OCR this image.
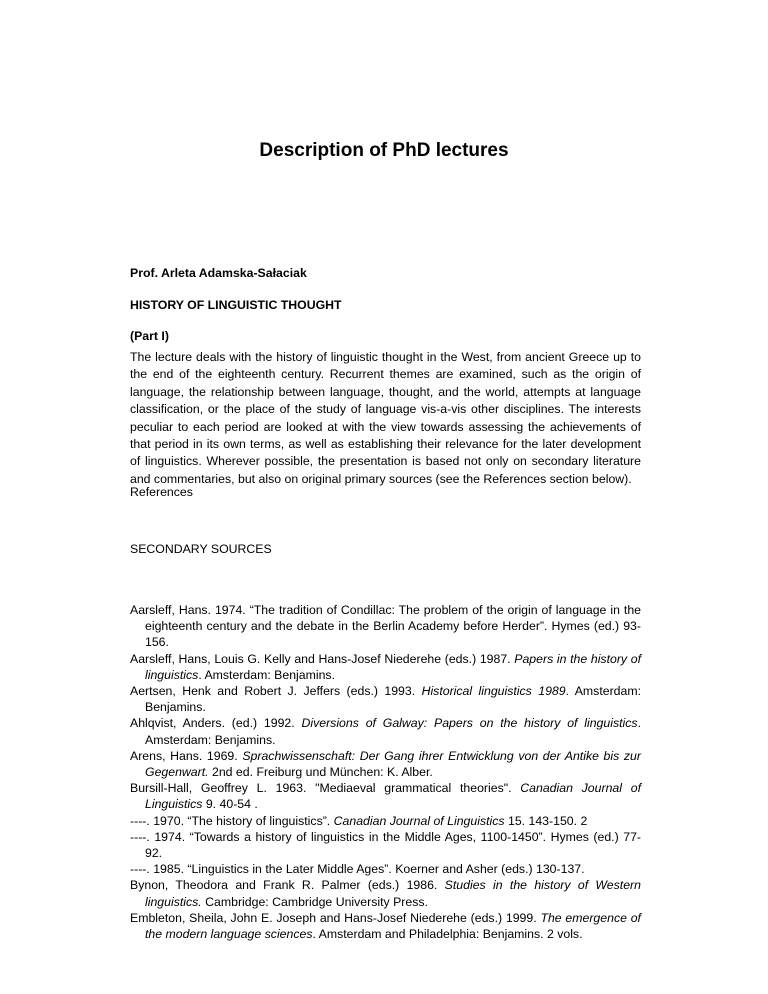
Description of PhD lectures

Prof. Arleta Adamska-Sałaciak

HISTORY OF LINGUISTIC THOUGHT

(Part I)

The lecture deals with the history of linguistic thought in the West, from ancient Greece up to the end of the eighteenth century. Recurrent themes are examined, such as the origin of language, the relationship between language, thought, and the world, attempts at language classification, or the place of the study of language vis-a-vis other disciplines. The interests peculiar to each period are looked at with the view towards assessing the achievements of that period in its own terms, as well as establishing their relevance for the later development of linguistics. Wherever possible, the presentation is based not only on secondary literature and commentaries, but also on original primary sources (see the References section below).

References

SECONDARY SOURCES

Aarsleff, Hans. 1974. “The tradition of Condillac: The problem of the origin of language in the eighteenth century and the debate in the Berlin Academy before Herder”. Hymes (ed.) 93-156.
Aarsleff, Hans, Louis G. Kelly and Hans-Josef Niederehe (eds.) 1987. Papers in the history of linguistics. Amsterdam: Benjamins.
Aertsen, Henk and Robert J. Jeffers (eds.) 1993. Historical linguistics 1989. Amsterdam: Benjamins.
Ahlqvist, Anders. (ed.) 1992. Diversions of Galway: Papers on the history of linguistics. Amsterdam: Benjamins.
Arens, Hans. 1969. Sprachwissenschaft: Der Gang ihrer Entwicklung von der Antike bis zur Gegenwart. 2nd ed. Freiburg und München: K. Alber.
Bursill-Hall, Geoffrey L. 1963. "Mediaeval grammatical theories". Canadian Journal of Linguistics 9. 40-54 .
----. 1970. “The history of linguistics”. Canadian Journal of Linguistics 15. 143-150. 2
----. 1974. “Towards a history of linguistics in the Middle Ages, 1100-1450”. Hymes (ed.) 77- 92.
----. 1985. “Linguistics in the Later Middle Ages”. Koerner and Asher (eds.) 130-137.
Bynon, Theodora and Frank R. Palmer (eds.) 1986. Studies in the history of Western linguistics. Cambridge: Cambridge University Press.
Embleton, Sheila, John E. Joseph and Hans-Josef Niederehe (eds.) 1999. The emergence of the modern language sciences. Amsterdam and Philadelphia: Benjamins. 2 vols.
